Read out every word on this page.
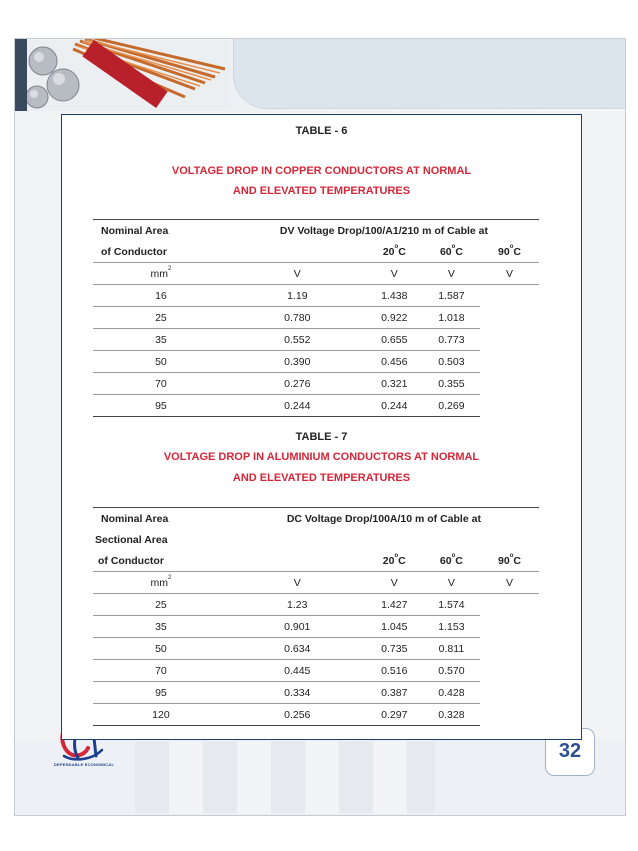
DEPENDABLE ECONOMICAL
32
TABLE - 6
VOLTAGE DROP IN COPPER CONDUCTORS AT NORMAL
AND ELEVATED TEMPERATURES
Nominal Area	DV Voltage Drop/100/A1/210 m of Cable at			
of Conductor		20$^o$C	60$^o$C	90$^o$C
$mm^2$	V	V	V	V
16	1.19	1.438	1.587	
25	0.780	0.922	1.018	
35	0.552	0.655	0.773	
50	0.390	0.456	0.503	
70	0.276	0.321	0.355	
95	0.244	0.244	0.269	
TABLE - 7
VOLTAGE DROP IN ALUMINIUM CONDUCTORS AT NORMAL
AND ELEVATED TEMPERATURES
Nominal Area	DC Voltage Drop/100A/10 m of Cable at			
Sectional Area				
of Conductor		20$^o$C	60$^o$C	90$^o$C
$mm^2$	V	V	V	V
25	1.23	1.427	1.574	
35	0.901	1.045	1.153	
50	0.634	0.735	0.811	
70	0.445	0.516	0.570	
95	0.334	0.387	0.428	
120	0.256	0.297	0.328	
